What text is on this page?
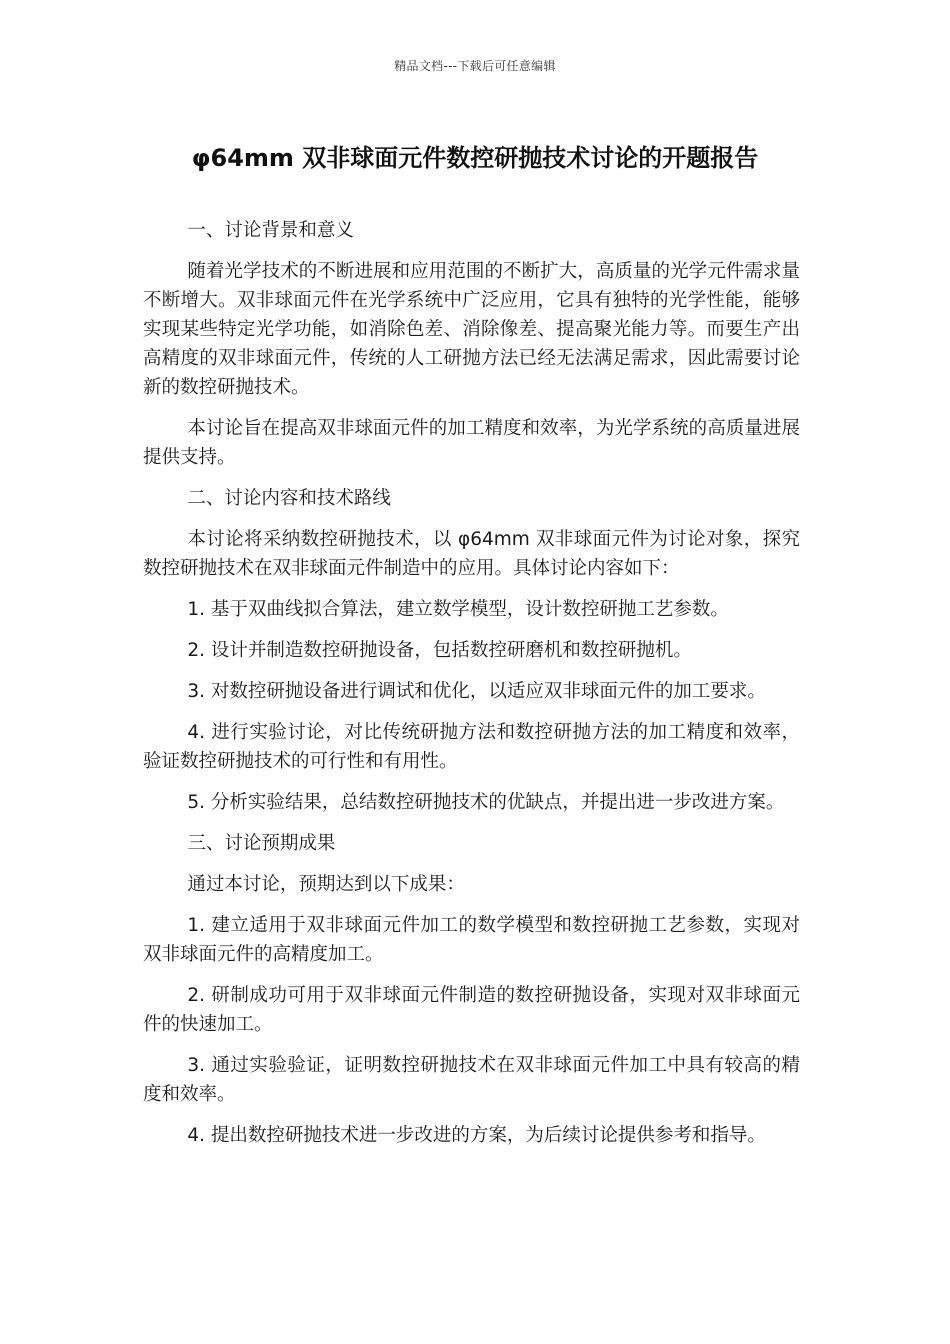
精品文档---下载后可任意编辑
φ64mm 双非球面元件数控研抛技术讨论的开题报告

一、讨论背景和意义

随着光学技术的不断进展和应用范围的不断扩大，高质量的光学元件需求量不断增大。双非球面元件在光学系统中广泛应用，它具有独特的光学性能，能够实现某些特定光学功能，如消除色差、消除像差、提高聚光能力等。而要生产出高精度的双非球面元件，传统的人工研抛方法已经无法满足需求，因此需要讨论新的数控研抛技术。

本讨论旨在提高双非球面元件的加工精度和效率，为光学系统的高质量进展提供支持。

二、讨论内容和技术路线

本讨论将采纳数控研抛技术，以 φ64mm 双非球面元件为讨论对象，探究数控研抛技术在双非球面元件制造中的应用。具体讨论内容如下：

1. 基于双曲线拟合算法，建立数学模型，设计数控研抛工艺参数。

2. 设计并制造数控研抛设备，包括数控研磨机和数控研抛机。

3. 对数控研抛设备进行调试和优化，以适应双非球面元件的加工要求。

4. 进行实验讨论，对比传统研抛方法和数控研抛方法的加工精度和效率，验证数控研抛技术的可行性和有用性。

5. 分析实验结果，总结数控研抛技术的优缺点，并提出进一步改进方案。

三、讨论预期成果

通过本讨论，预期达到以下成果：

1. 建立适用于双非球面元件加工的数学模型和数控研抛工艺参数，实现对双非球面元件的高精度加工。

2. 研制成功可用于双非球面元件制造的数控研抛设备，实现对双非球面元件的快速加工。

3. 通过实验验证，证明数控研抛技术在双非球面元件加工中具有较高的精度和效率。

4. 提出数控研抛技术进一步改进的方案，为后续讨论提供参考和指导。
